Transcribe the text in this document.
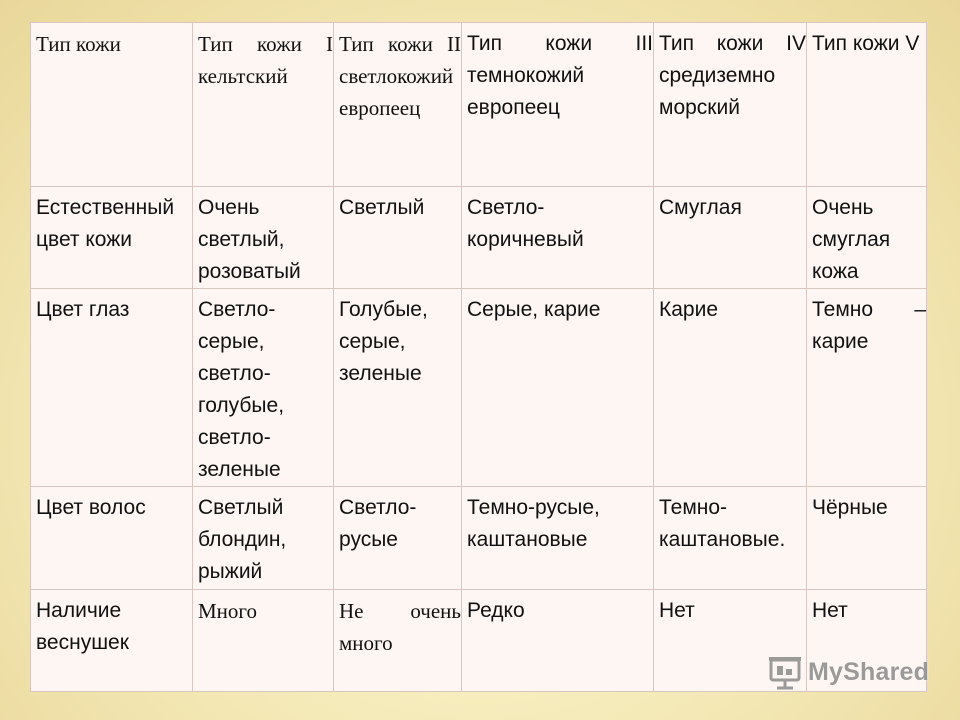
Тип кожи	Тип кожи I кельтский	Тип кожи II светлокожий европеец	Тип кожи III темнокожий европеец	Тип кожи IV средиземно морский	Тип кожи V

Естественный цвет кожи	Очень светлый, розоватый	Светлый	Светло-коричневый	Смуглая	Очень смуглая кожа

Цвет глаз	Светло-серые, светло-голубые, светло-зеленые	Голубые, серые, зеленые	Серые, карие	Карие	Темно – карие

Цвет волос	Светлый блондин, рыжий	Светло-русые	Темно-русые, каштановые	Темно-каштановые.	Чёрные

Наличие веснушек	Много	Не очень много	Редко	Нет	Нет
MyShared
